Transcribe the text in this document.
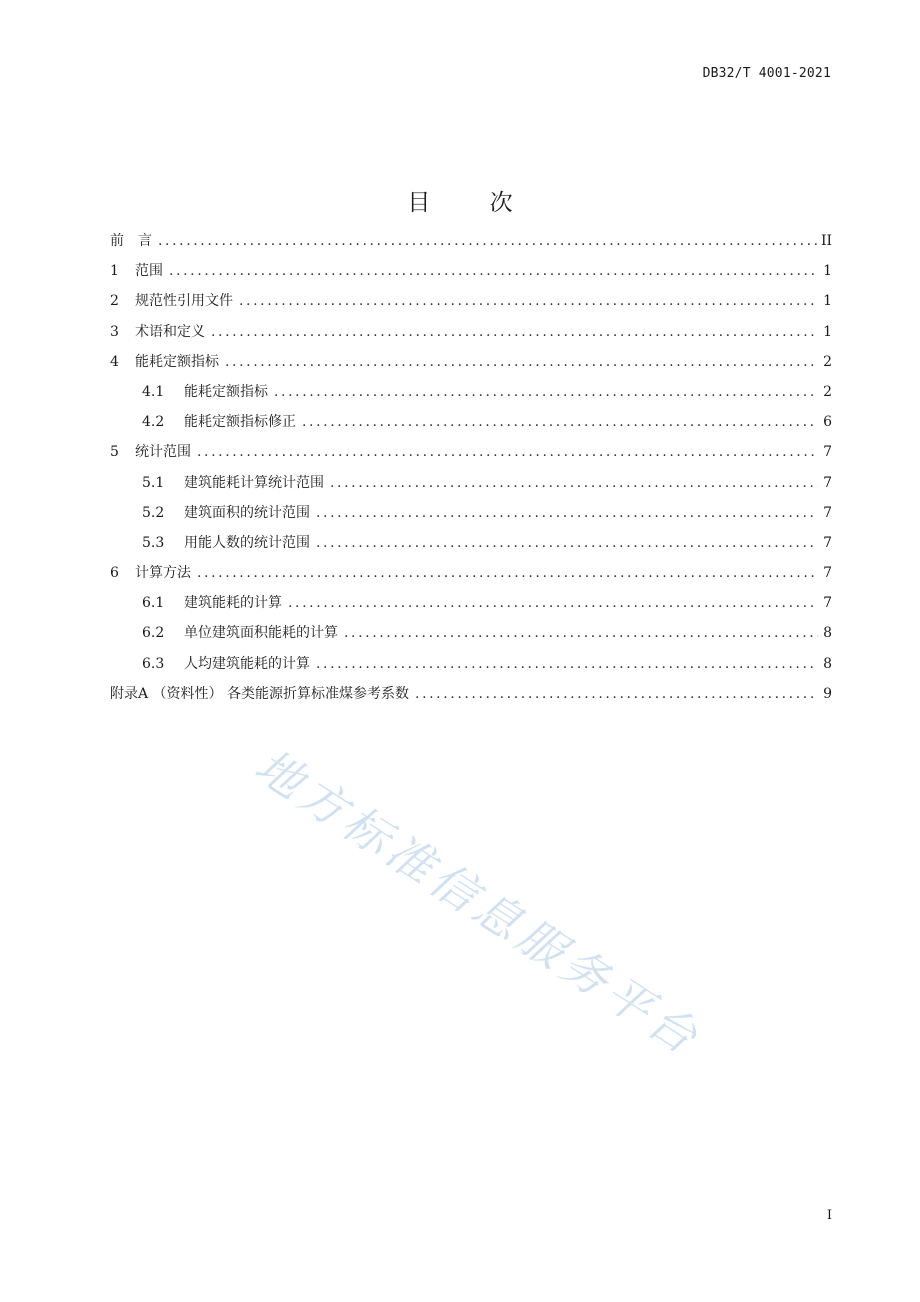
DB32/T 4001-2021
目 次
前　言 .....	II
1	范围 .....	1
2	规范性引用文件 .....	1
3	术语和定义 .....	1
4	能耗定额指标 .....	2
4.1	能耗定额指标 .....	2
4.2	能耗定额指标修正 .....	6
5	统计范围 .....	7
5.1	建筑能耗计算统计范围 .....	7
5.2	建筑面积的统计范围 .....	7
5.3	用能人数的统计范围 .....	7
6	计算方法 .....	7
6.1	建筑能耗的计算 .....	7
6.2	单位建筑面积能耗的计算 .....	8
6.3	人均建筑能耗的计算 .....	8
附录A （资料性） 各类能源折算标准煤参考系数 .....	9
地方标准信息服务平台
I
